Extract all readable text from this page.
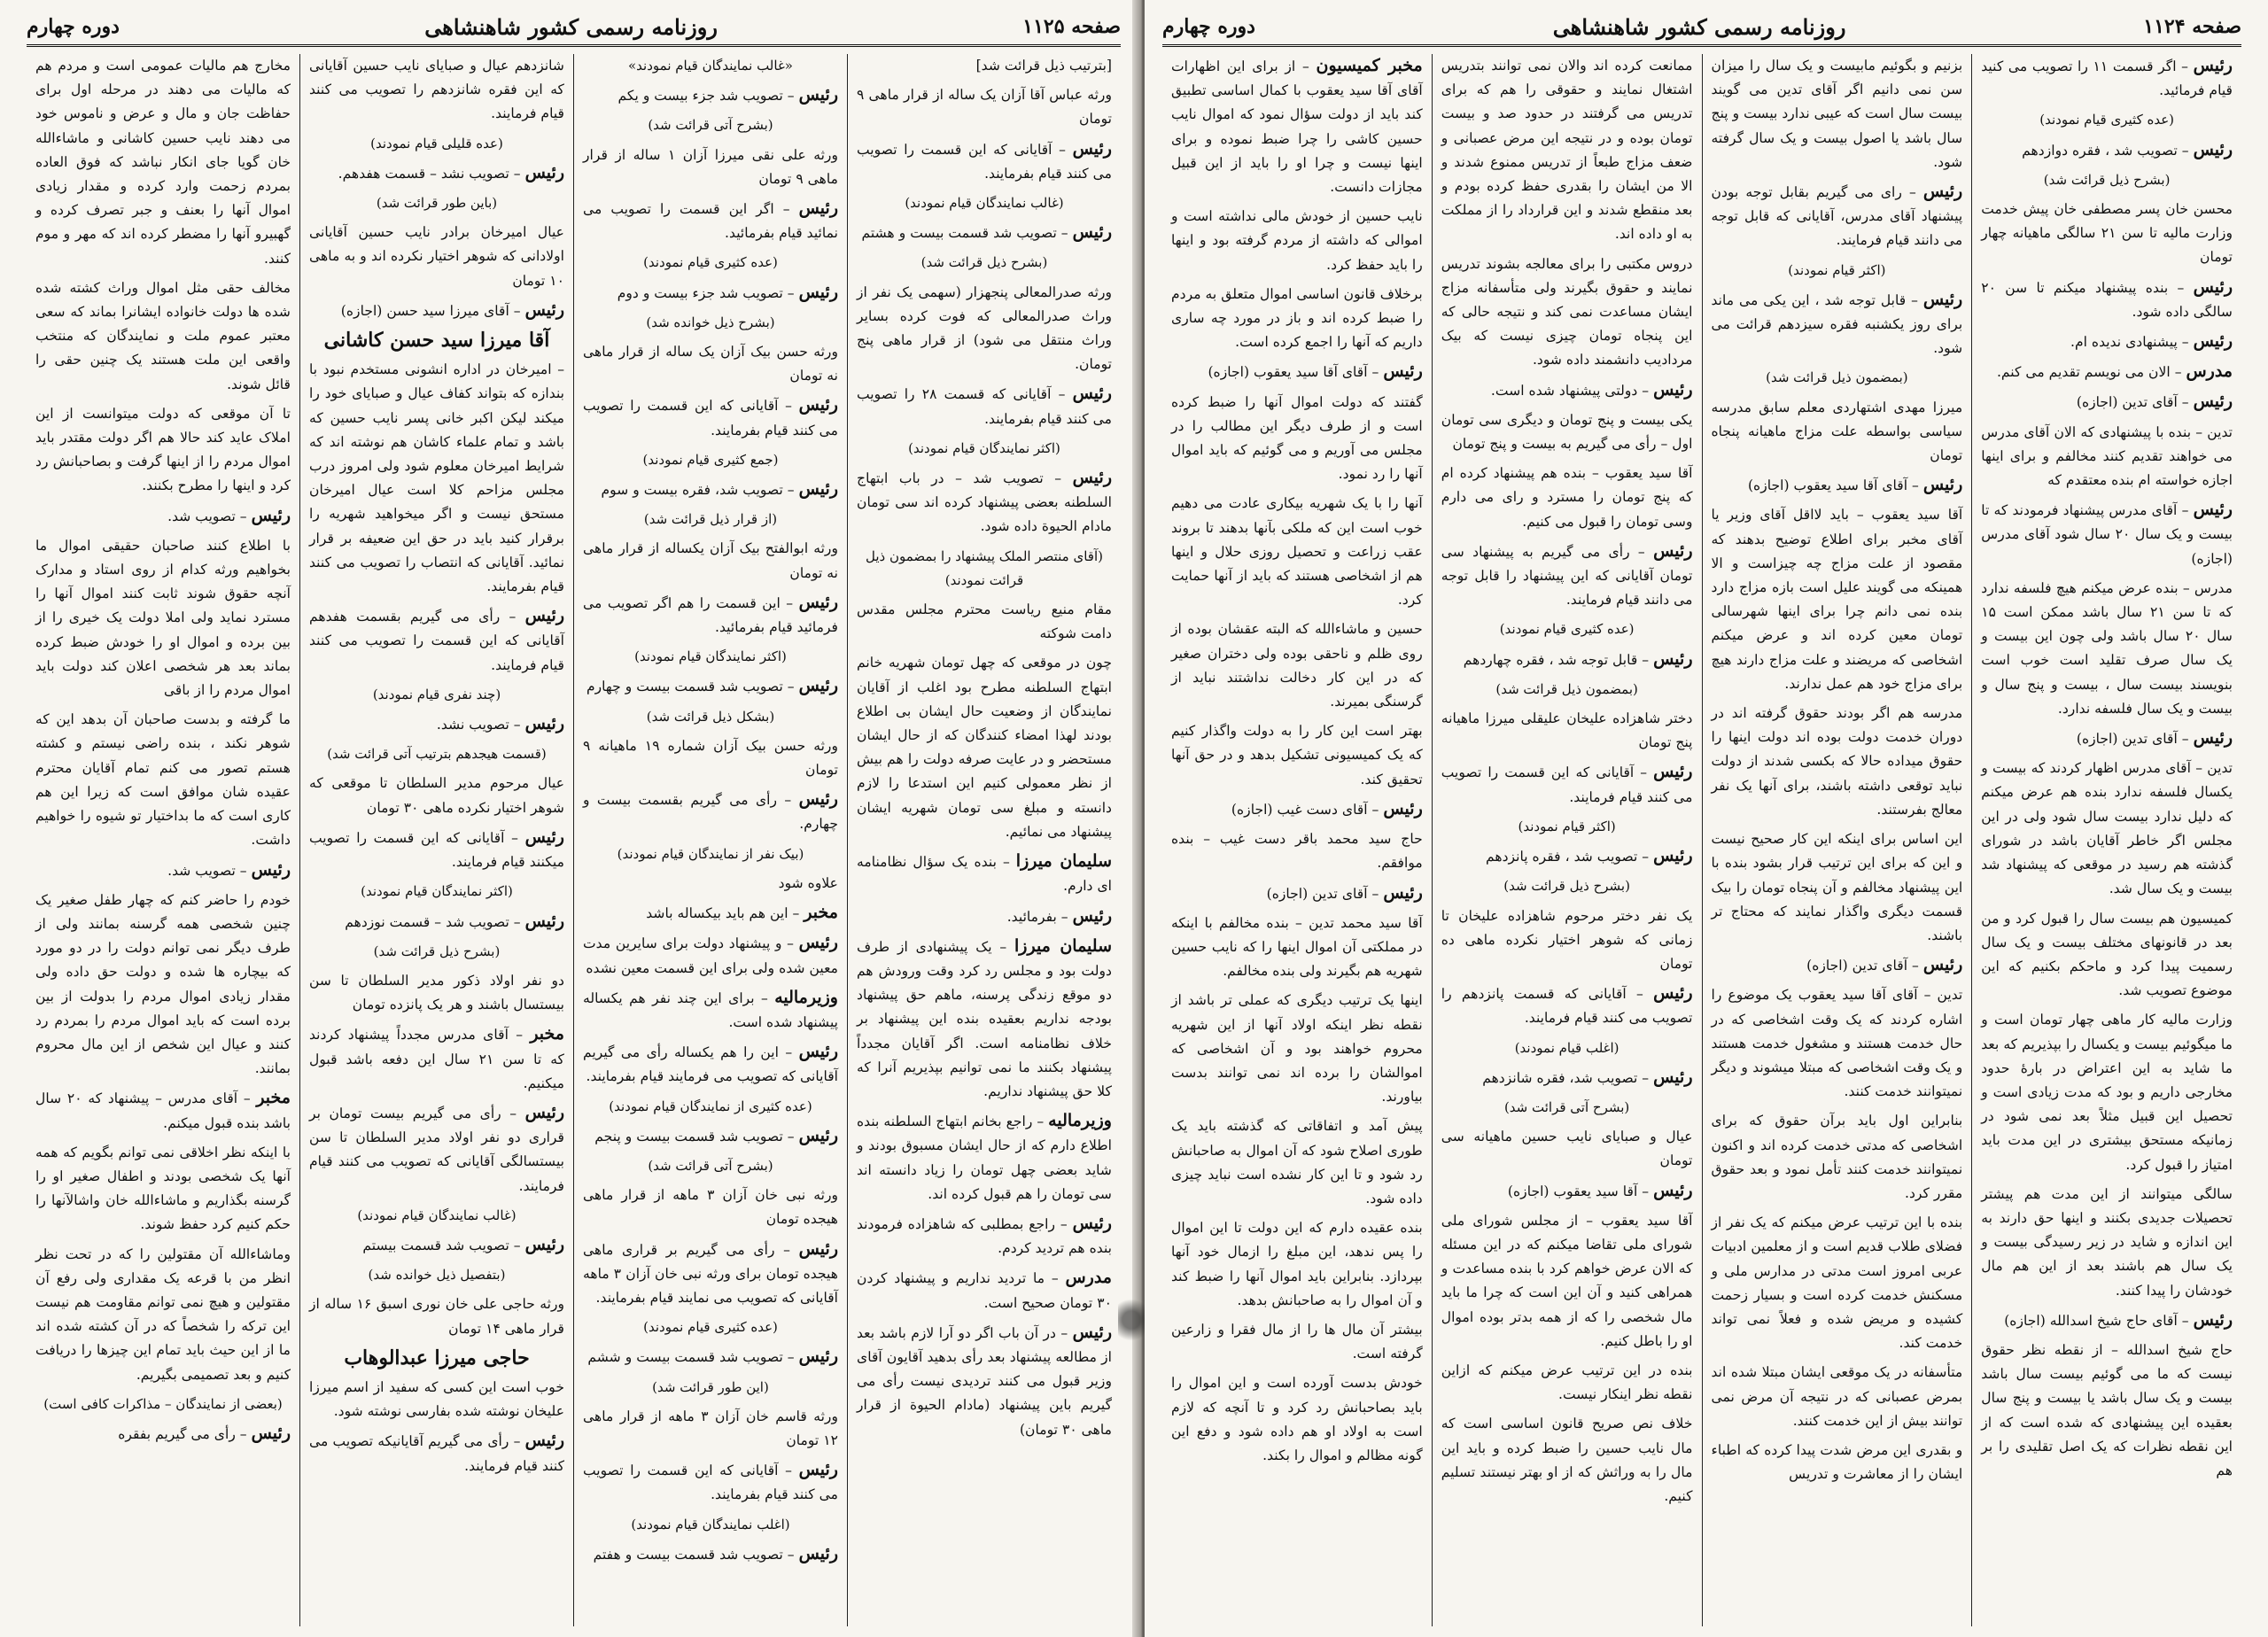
صفحه ۱۱۲۵
روزنامه رسمی کشور شاهنشاهی
دوره چهارم

[بترتیب ذیل قرائت شد]

ورثه عباس آقا آزان یک ساله از قرار ماهی ۹ تومان

رئیس – آقایانی که این قسمت را تصویب می کنند قیام بفرمایند.

(غالب نمایندگان قیام نمودند)

رئیس – تصویب شد قسمت بیست و هشتم

(بشرح ذیل قرائت شد)

ورثه صدرالمعالی پنجهزار (سهمی یک نفر از وراث صدرالمعالی که فوت کرده بسایر وراث منتقل می شود) از قرار ماهی پنج تومان.

رئیس – آقایانی که قسمت ۲۸ را تصویب می کنند قیام بفرمایند.

(اکثر نمایندگان قیام نمودند)

رئیس – تصویب شد – در باب ابتهاج السلطنه بعضی پیشنهاد کرده اند سی تومان مادام الحیوة داده شود.

(آقای منتصر الملک پیشنهاد را بمضمون ذیل قرائت نمودند)

مقام منیع ریاست محترم مجلس مقدس دامت شوکته

چون در موقعی که چهل تومان شهریه خانم ابتهاج السلطنه مطرح بود اغلب از آقایان نمایندگان از وضعیت حال ایشان بی اطلاع بودند لهذا امضاء کنندگان که از حال ایشان مستحضر و در عایت صرفه دولت را هم بیش از نظر معمولی کنیم این استدعا را لازم دانسته و مبلغ سی تومان شهریه ایشان پیشنهاد می نمائیم.

سلیمان میرزا – بنده یک سؤال نظامنامه ای دارم.

رئیس – بفرمائید.

سلیمان میرزا – یک پیشنهادی از طرف دولت بود و مجلس رد کرد وقت ورودش هم دو موقع زندگی پرسنه، ماهم حق پیشنهاد بودجه نداریم بعقیده بنده این پیشنهاد بر خلاف نظامنامه است. اگر آقایان مجدداً پیشنهاد بکنند ما نمی توانیم بپذیریم آنرا که کلا حق پیشنهاد نداریم.

وزیرمالیه – راجع بخانم ابتهاج السلطنه بنده اطلاع دارم که از حال ایشان مسبوق بودند و شاید بعضی چهل تومان را زیاد دانسته اند سی تومان را هم قبول کرده اند.

رئیس – راجع بمطلبی که شاهزاده فرمودند بنده هم تردید کردم.

مدرس – ما تردید نداریم و پیشنهاد کردن ۳۰ تومان صحیح است.

رئیس – در آن باب اگر دو آرا لازم باشد بعد از مطالعه پیشنهاد بعد رأی بدهید آقایون آقای وزیر قبول می کنند تردیدی نیست رأی می گیریم باین پیشنهاد (مادام الحیوة از قرار ماهی ۳۰ تومان)

«غالب نمایندگان قیام نمودند»

رئیس – تصویب شد جزء بیست و یکم

(بشرح آتی قرائت شد)

ورثه علی نقی میرزا آزان ۱ ساله از قرار ماهی ۹ تومان

رئیس – اگر این قسمت را تصویب می نمائید قیام بفرمائید.

(عده کثیری قیام نمودند)

رئیس – تصویب شد جزء بیست و دوم

(بشرح ذیل خوانده شد)

ورثه حسن بیک آزان یک ساله از قرار ماهی نه تومان

رئیس – آقایانی که این قسمت را تصویب می کنند قیام بفرمایند.

(جمع کثیری قیام نمودند)

رئیس – تصویب شد، فقره بیست و سوم

(از قرار ذیل قرائت شد)

ورثه ابوالفتح بیک آزان یکساله از قرار ماهی نه تومان

رئیس – این قسمت را هم اگر تصویب می فرمائید قیام بفرمائید.

(اکثر نمایندگان قیام نمودند)

رئیس – تصویب شد قسمت بیست و چهارم

(بشکل ذیل قرائت شد)

ورثه حسن بیک آزان شماره ۱۹ ماهیانه ۹ تومان

رئیس – رأی می گیریم بقسمت بیست و چهارم.

(بیک نفر از نمایندگان قیام نمودند)

علاوه شود

مخبر – این هم باید بیکساله باشد

رئیس – و پیشنهاد دولت برای سایرین مدت معین شده ولی برای این قسمت معین نشده

وزیرمالیه – برای این چند نفر هم یکساله پیشنهاد شده است.

رئیس – این را هم یکساله رأی می گیریم آقایانی که تصویب می فرمایند قیام بفرمایند.

(عده کثیری از نمایندگان قیام نمودند)

رئیس – تصویب شد قسمت بیست و پنجم

(بشرح آتی قرائت شد)

ورثه نبی خان آزان ۳ ماهه از قرار ماهی هیجده تومان

رئیس – رأی می گیریم بر قراری ماهی هیجده تومان برای ورثه نبی خان آزان ۳ ماهه آقایانی که تصویب می نمایند قیام بفرمایند.

(عده کثیری قیام نمودند)

رئیس – تصویب شد قسمت بیست و ششم

(این طور قرائت شد)

ورثه قاسم خان آزان ۳ ماهه از قرار ماهی ۱۲ تومان

رئیس – آقایانی که این قسمت را تصویب می کنند قیام بفرمایند.

(اغلب نمایندگان قیام نمودند)

رئیس – تصویب شد قسمت بیست و هفتم

شانزدهم عیال و صبایای نایب حسین آقایانی که این فقره شانزدهم را تصویب می کنند قیام فرمایند.

(عده قلیلی قیام نمودند)

رئیس – تصویب نشد – قسمت هفدهم.

(باین طور قرائت شد)

عیال امیرخان برادر نایب حسین آقایانی اولادانی که شوهر اختیار نکرده اند و به ماهی ۱۰ تومان

رئیس – آقای میرزا سید حسن (اجازه)

آقا میرزا سید حسن کاشانی

– امیرخان در اداره انشونی مستخدم نبود با بندازه که بتواند کفاف عیال و صبایای خود را میکند لیکن اکبر خانی پسر نایب حسین که باشد و تمام علماء کاشان هم نوشته اند که شرایط امیرخان معلوم شود ولی امروز درب مجلس مزاحم کلا است عیال امیرخان مستحق نیست و اگر میخواهید شهریه را برقرار کنید باید در حق این ضعیفه بر قرار نمائید. آقایانی که انتصاب را تصویب می کنند قیام بفرمایند.

رئیس – رأی می گیریم بقسمت هفدهم آقایانی که این قسمت را تصویب می کنند قیام فرمایند.

(چند نفری قیام نمودند)

رئیس – تصویب نشد.

(قسمت هیجدهم بترتیب آتی قرائت شد)

عیال مرحوم مدیر السلطان تا موقعی که شوهر اختیار نکرده ماهی ۳۰ تومان

رئیس – آقایانی که این قسمت را تصویب میکنند قیام فرمایند.

(اکثر نمایندگان قیام نمودند)

رئیس – تصویب شد – قسمت نوزدهم

(بشرح ذیل قرائت شد)

دو نفر اولاد ذکور مدیر السلطان تا سن بیستسال باشند و هر یک پانزده تومان

مخبر – آقای مدرس مجدداً پیشنهاد کردند که تا سن ۲۱ سال این دفعه باشد قبول میکنیم.

رئیس – رأی می گیریم بیست تومان بر قراری دو نفر اولاد مدیر السلطان تا سن بیستسالگی آقایانی که تصویب می کنند قیام فرمایند.

(غالب نمایندگان قیام نمودند)

رئیس – تصویب شد قسمت بیستم

(بتفصیل ذیل خوانده شد)

ورثه حاجی علی خان نوری اسبق ۱۶ ساله از قرار ماهی ۱۴ تومان

حاجی میرزا عبدالوهاب

خوب است این کسی که سفید از اسم میرزا علیخان نوشته شده بفارسی نوشته شود.

رئیس – رأی می گیریم آقایانیکه تصویب می کنند قیام فرمایند.

مخارج هم مالیات عمومی است و مردم هم که مالیات می دهند در مرحله اول برای حفاظت جان و مال و عرض و ناموس خود می دهند نایب حسین کاشانی و ماشاءالله خان گویا جای انکار نباشد که فوق العاده بمردم زحمت وارد کرده و مقدار زیادی اموال آنها را بعنف و جبر تصرف کرده و گهبیرو آنها را مضطر کرده اند که مهر و موم کنند.

مخالف حقی مثل اموال وراث کشته شده شده ها دولت خانواده ایشانرا بماند که سعی معتبر عموم ملت و نمایندگان که منتخب واقعی این ملت هستند یک چنین حقی را قائل شوند.

تا آن موقعی که دولت میتوانست از این املاک عاید کند حالا هم اگر دولت مقتدر باید اموال مردم را از اینها گرفت و بصاحبانش رد کرد و اینها را مطرح بکنند.

رئیس – تصویب شد.

با اطلاع کنند صاحبان حقیقی اموال ما بخواهیم ورثه کدام از روی استاد و مدارک آنچه حقوق شوند ثابت کنند اموال آنها را مسترد نماید ولی املا دولت یک خیری را از بین برده و اموال او را خودش ضبط کرده بماند بعد هر شخصی اعلان کند دولت باید اموال مردم را از باقی

ما گرفته و بدست صاحبان آن بدهد این که شوهر نکند ، بنده راضی نیستم و کشته هستم تصور می کنم تمام آقایان محترم عقیده شان موافق است که زیرا این هم کاری است که ما بداختیار تو شیوه را خواهیم داشت.

رئیس – تصویب شد.

خودم را حاضر کنم که چهار طفل صغیر یک چنین شخصی همه گرسنه بمانند ولی از طرف دیگر نمی توانم دولت را در دو مورد که بیچاره ها شده و دولت حق داده ولی مقدار زیادی اموال مردم را بدولت از بین برده است که باید اموال مردم را بمردم رد کنند و عیال این شخص از این مال محروم بمانند.

مخبر – آقای مدرس – پیشنهاد که ۲۰ سال باشد بنده قبول میکنم.

با اینکه نظر اخلاقی نمی توانم بگویم که همه آنها یک شخصی بودند و اطفال صغیر او را گرسنه بگذاریم و ماشاءالله خان واشالآنها را حکم کنیم کرد حفظ شوند.

وماشاءالله آن مقتولین را که در تحت نظر انظر من با قرعه یک مقداری ولی رفع آن مقتولین و هیچ نمی توانم مقاومت هم نیست این ترکه را شخصاً که در آن کشته شده اند ما از این حیث باید تمام این چیزها را دریافت کنیم و بعد تصمیمی بگیریم.

(بعضی از نمایندگان – مذاکرات کافی است)

رئیس – رأی می گیریم بفقره

صفحه ۱۱۲۴
روزنامه رسمی کشور شاهنشاهی
دوره چهارم

رئیس – اگر قسمت ۱۱ را تصویب می کنید قیام فرمائید.

(عده کثیری قیام نمودند)

رئیس – تصویب شد ، فقره دوازدهم

(بشرح ذیل قرائت شد)

محسن خان پسر مصطفی خان پیش خدمت وزارت مالیه تا سن ۲۱ سالگی ماهیانه چهار تومان

رئیس – بنده پیشنهاد میکنم تا سن ۲۰ سالگی داده شود.

رئیس – پیشنهادی ندیده ام.

مدرس – الان می نویسم تقدیم می کنم.

رئیس – آقای تدین (اجازه)

تدین – بنده با پیشنهادی که الان آقای مدرس می خواهند تقدیم کنند مخالفم و برای اینها اجازه خواسته ام بنده معتقدم که

رئیس – آقای مدرس پیشنهاد فرمودند که تا بیست و یک سال ۲۰ سال شود آقای مدرس (اجازه)

مدرس – بنده عرض میکنم هیچ فلسفه ندارد که تا سن ۲۱ سال باشد ممکن است ۱۵ سال ۲۰ سال باشد ولی چون این بیست و یک سال صرف تقلید است خوب است بنویسند بیست سال ، بیست و پنج سال و بیست و یک سال فلسفه ندارد.

رئیس – آقای تدین (اجازه)

تدین – آقای مدرس اظهار کردند که بیست و یکسال فلسفه ندارد بنده هم عرض میکنم که دلیل ندارد بیست سال شود ولی در این مجلس اگر خاطر آقایان باشد در شورای گذشته هم رسید در موقعی که پیشنهاد شد بیست و یک سال شد.

کمیسیون هم بیست سال را قبول کرد و من بعد در قانونهای مختلف بیست و یک سال رسمیت پیدا کرد و ماحکم بکنیم که این موضوع تصویب شد.

وزارت مالیه کار ماهی چهار تومان است و ما میگوئیم بیست و یکسال را بپذیریم که بعد ما شاید به این اعتراض در بارهٔ حدود مخارجی داریم و بود که مدت زیادی است و تحصیل این قبیل مثلاً بعد نمی شود در زمانیکه مستحق بیشتری در این مدت باید امتیاز را قبول کرد.

سالگی میتوانند از این مدت هم پیشتر تحصیلات جدیدی بکنند و اینها حق دارند به این اندازه و شاید در زیر رسیدگی بیست و یک سال هم باشند بعد از این هم مال خودشان را پیدا کنند.

رئیس – آقای حاج شیخ اسدالله (اجازه)

حاج شیخ اسدالله – از نقطه نظر حقوق نیست که ما می گوئیم بیست سال باشد بیست و یک سال باشد یا بیست و پنج سال بعقیده این پیشنهادی که شده است که از این نقطه نظرات که یک اصل تقلیدی را بر هم

بزنیم و بگوئیم مابیست و یک سال را میزان سن نمی دانیم اگر آقای تدین می گویند بیست سال است که عیبی ندارد بیست و پنج سال باشد یا اصول بیست و یک سال گرفته شود.

رئیس – رای می گیریم بقابل توجه بودن پیشنهاد آقای مدرس، آقایانی که قابل توجه می دانند قیام فرمایند.

(اکثر قیام نمودند)

رئیس – قابل توجه شد ، این یکی می ماند برای روز یکشنبه فقره سیزدهم قرائت می شود.

(بمضمون ذیل قرائت شد)

میرزا مهدی اشتهاردی معلم سابق مدرسه سیاسی بواسطه علت مزاج ماهیانه پنجاه تومان

رئیس – آقای آقا سید یعقوب (اجازه)

آقا سید یعقوب – باید لااقل آقای وزیر یا آقای مخبر برای اطلاع توضیح بدهند که مقصود از علت مزاج چه چیزاست و الا همینکه می گویند علیل است بازه مزاج دارد بنده نمی دانم چرا برای اینها شهرسالی تومان معین کرده اند و عرض میکنم اشخاصی که مریضند و علت مزاج دارند هیچ برای مزاج خود هم عمل ندارند.

مدرسه هم اگر بودند حقوق گرفته اند در دوران خدمت دولت بوده اند دولت اینها را حقوق میداده حالا که بکسی شدند از دولت نباید توقعی داشته باشند، برای آنها یک نفر معالج بفرستند.

این اساس برای اینکه این کار صحیح نیست و این که برای این ترتیب قرار بشود بنده با این پیشنهاد مخالفم و آن پنجاه تومان را بیک قسمت دیگری واگذار نمایند که محتاج تر باشند.

رئیس – آقای تدین (اجازه)

تدین – آقای آقا سید یعقوب یک موضوع را اشاره کردند که یک وقت اشخاصی که در حال خدمت هستند و مشغول خدمت هستند و یک وقت اشخاصی که مبتلا میشوند و دیگر نمیتوانند خدمت کنند.

بنابراین اول باید برآن حقوق که برای اشخاصی که مدتی خدمت کرده اند و اکنون نمیتوانند خدمت کنند تأمل نمود و بعد حقوق مقرر کرد.

بنده با این ترتیب عرض میکنم که یک نفر از فضلای طلاب قدیم است و از معلمین ادبیات عربی امروز است مدتی در مدارس ملی و مسکنش خدمت کرده است و بسیار زحمت کشیده و مریض شده و فعلاً نمی تواند خدمت کند.

متأسفانه در یک موقعی ایشان مبتلا شده اند بمرض عصبانی که در نتیجه آن مرض نمی توانند بیش از این خدمت کنند.

و بقدری این مرض شدت پیدا کرده که اطباء ایشان را از معاشرت و تدریس

ممانعت کرده اند والان نمی توانند بتدریس اشتغال نمایند و حقوقی را هم که برای تدریس می گرفتند در حدود صد و بیست تومان بوده و در نتیجه این مرض عصبانی و ضعف مزاج طبعاً از تدریس ممنوع شدند و الا من ایشان را بقدری حفظ کرده بودم و بعد منقطع شدند و این قرارداد را از مملکت به او داده اند.

دروس مکتبی را برای معالجه بشوند تدریس نمایند و حقوق بگیرند ولی متأسفانه مزاج ایشان مساعدت نمی کند و نتیجه حالی که این پنجاه تومان چیزی نیست که بیک مردادیب دانشمند داده شود.

رئیس – دولتی پیشنهاد شده است.

یکی بیست و پنج تومان و دیگری سی تومان اول – رأی می گیریم به بیست و پنج تومان

آقا سید یعقوب – بنده هم پیشنهاد کرده ام که پنج تومان را مسترد و رای می دارم وسی تومان را قبول می کنیم.

رئیس – رأی می گیریم به پیشنهاد سی تومان آقایانی که این پیشنهاد را قابل توجه می دانند قیام فرمایند.

(عده کثیری قیام نمودند)

رئیس – قابل توجه شد ، فقره چهاردهم

(بمضمون ذیل قرائت شد)

دختر شاهزاده علیخان علیقلی میرزا ماهیانه پنج تومان

رئیس – آقایانی که این قسمت را تصویب می کنند قیام فرمایند.

(اکثر قیام نمودند)

رئیس – تصویب شد ، فقره پانزدهم

(بشرح ذیل قرائت شد)

یک نفر دختر مرحوم شاهزاده علیخان تا زمانی که شوهر اختیار نکرده ماهی ده تومان

رئیس – آقایانی که قسمت پانزدهم را تصویب می کنند قیام فرمایند.

(اغلب قیام نمودند)

رئیس – تصویب شد، فقره شانزدهم

(بشرح آتی قرائت شد)

عیال و صبایای نایب حسین ماهیانه سی تومان

رئیس – آقا سید یعقوب (اجازه)

آقا سید یعقوب – از مجلس شورای ملی شورای ملی تقاضا میکنم که در این مسئله که الان عرض خواهم کرد با بنده مساعدت و همراهی کنید و آن این است که چرا ما باید مال شخصی را که از همه بدتر بوده اموال او را باطل کنیم.

بنده در این ترتیب عرض میکنم که ازاین نقطه نظر اینکار نیست.

خلاف نص صریح قانون اساسی است که مال نایب حسین را ضبط کرده و باید این مال را به وراثش که از او بهتر نیستند تسلیم کنیم.

مخبر کمیسیون – از برای این اظهارات آقای آقا سید یعقوب با کمال اساسی تطبیق کند باید از دولت سؤال نمود که اموال نایب حسین کاشی را چرا ضبط نموده و برای اینها نیست و چرا او را باید از این قبیل مجازات دانست.

نایب حسین از خودش مالی نداشته است و اموالی که داشته از مردم گرفته بود و اینها را باید حفظ کرد.

برخلاف قانون اساسی اموال متعلق به مردم را ضبط کرده اند و باز در مورد چه ساری داریم که آنها را اجمع کرده است.

رئیس – آقای آقا سید یعقوب (اجازه)

گفتند که دولت اموال آنها را ضبط کرده است و از طرف دیگر این مطالب را در مجلس می آوریم و می گوئیم که باید اموال آنها را رد نمود.

آنها را با یک شهریه بیکاری عادت می دهیم خوب است این که ملکی بآنها بدهند تا بروند عقب زراعت و تحصیل روزی حلال و اینها هم از اشخاصی هستند که باید از آنها حمایت کرد.

حسین و ماشاءالله که البته عقشان بوده از روی ظلم و ناحقی بوده ولی دختران صغیر که در این کار دخالت نداشتند نباید از گرسنگی بمیرند.

بهتر است این کار را به دولت واگذار کنیم که یک کمیسیونی تشکیل بدهد و در حق آنها تحقیق کند.

رئیس – آقای دست غیب (اجازه)

حاج سید محمد باقر دست غیب – بنده موافقم.

رئیس – آقای تدین (اجازه)

آقا سید محمد تدین – بنده مخالفم با اینکه در مملکتی آن اموال اینها را که نایب حسین شهریه هم بگیرند ولی بنده مخالفم.

اینها یک ترتیب دیگری که عملی تر باشد از نقطه نظر اینکه اولاد آنها از این شهریه محروم خواهند بود و آن اشخاصی که اموالشان را برده اند نمی توانند بدست بیاورند.

پیش آمد و اتفاقاتی که گذشته باید یک طوری اصلاح شود که آن اموال به صاحبانش رد شود و تا این کار نشده است نباید چیزی داده شود.

بنده عقیده دارم که این دولت تا این اموال را پس ندهد، این مبلغ را ازمال خود آنها بپردازد. بنابراین باید اموال آنها را ضبط کند و آن اموال را به صاحبانش بدهد.

بیشتر آن مال ها را از مال فقرا و زارعین گرفته است.

خودش بدست آورده است و این اموال را باید بصاحبانش رد کرد و تا آنچه که لازم است به اولاد او هم داده شود و دفع این گونه مظالم و اموال را بکند.
